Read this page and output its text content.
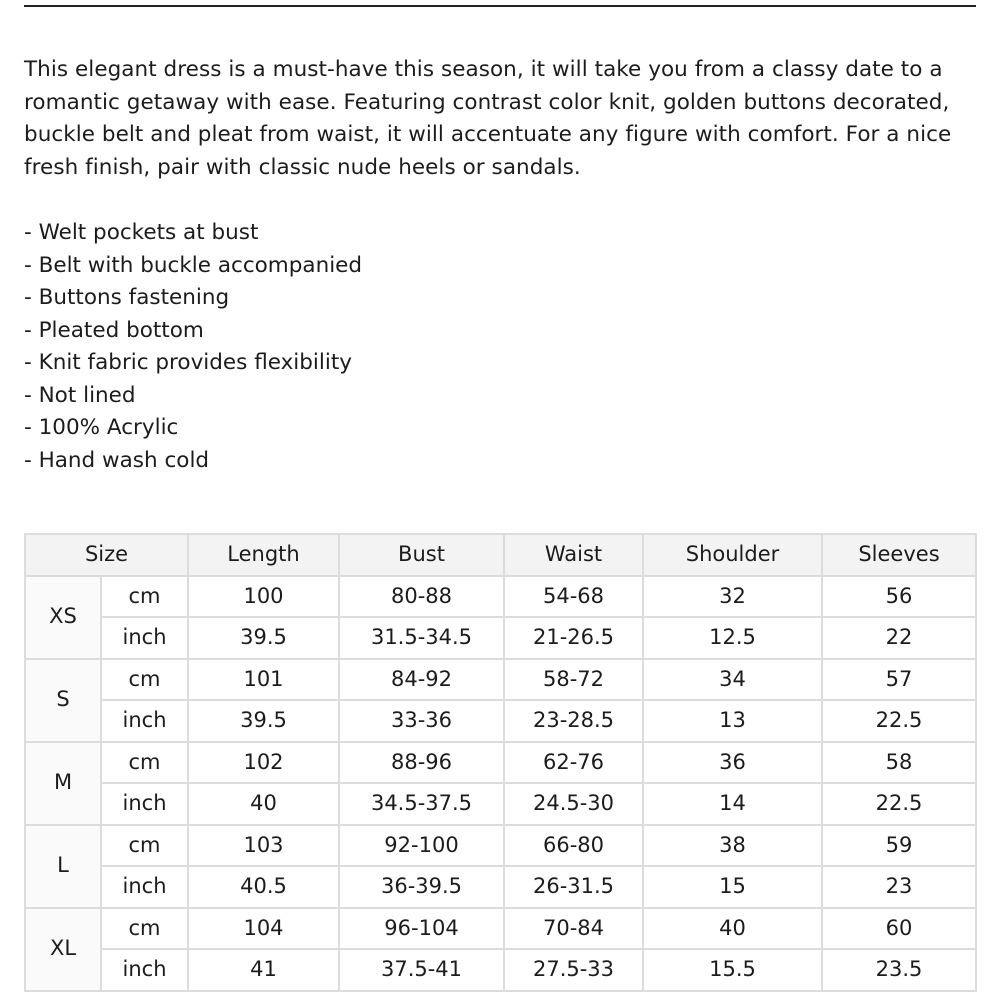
This elegant dress is a must-have this season, it will take you from a classy date to a romantic getaway with ease. Featuring contrast color knit, golden buttons decorated, buckle belt and pleat from waist, it will accentuate any figure with comfort. For a nice fresh finish, pair with classic nude heels or sandals.

- Welt pockets at bust
- Belt with buckle accompanied
- Buttons fastening
- Pleated bottom
- Knit fabric provides flexibility
- Not lined
- 100% Acrylic
- Hand wash cold
Size		Length	Bust	Waist	Shoulder	Sleeves
XS	cm	100	80-88	54-68	32	56
	inch	39.5	31.5-34.5	21-26.5	12.5	22
S	cm	101	84-92	58-72	34	57
	inch	39.5	33-36	23-28.5	13	22.5
M	cm	102	88-96	62-76	36	58
	inch	40	34.5-37.5	24.5-30	14	22.5
L	cm	103	92-100	66-80	38	59
	inch	40.5	36-39.5	26-31.5	15	23
XL	cm	104	96-104	70-84	40	60
	inch	41	37.5-41	27.5-33	15.5	23.5
